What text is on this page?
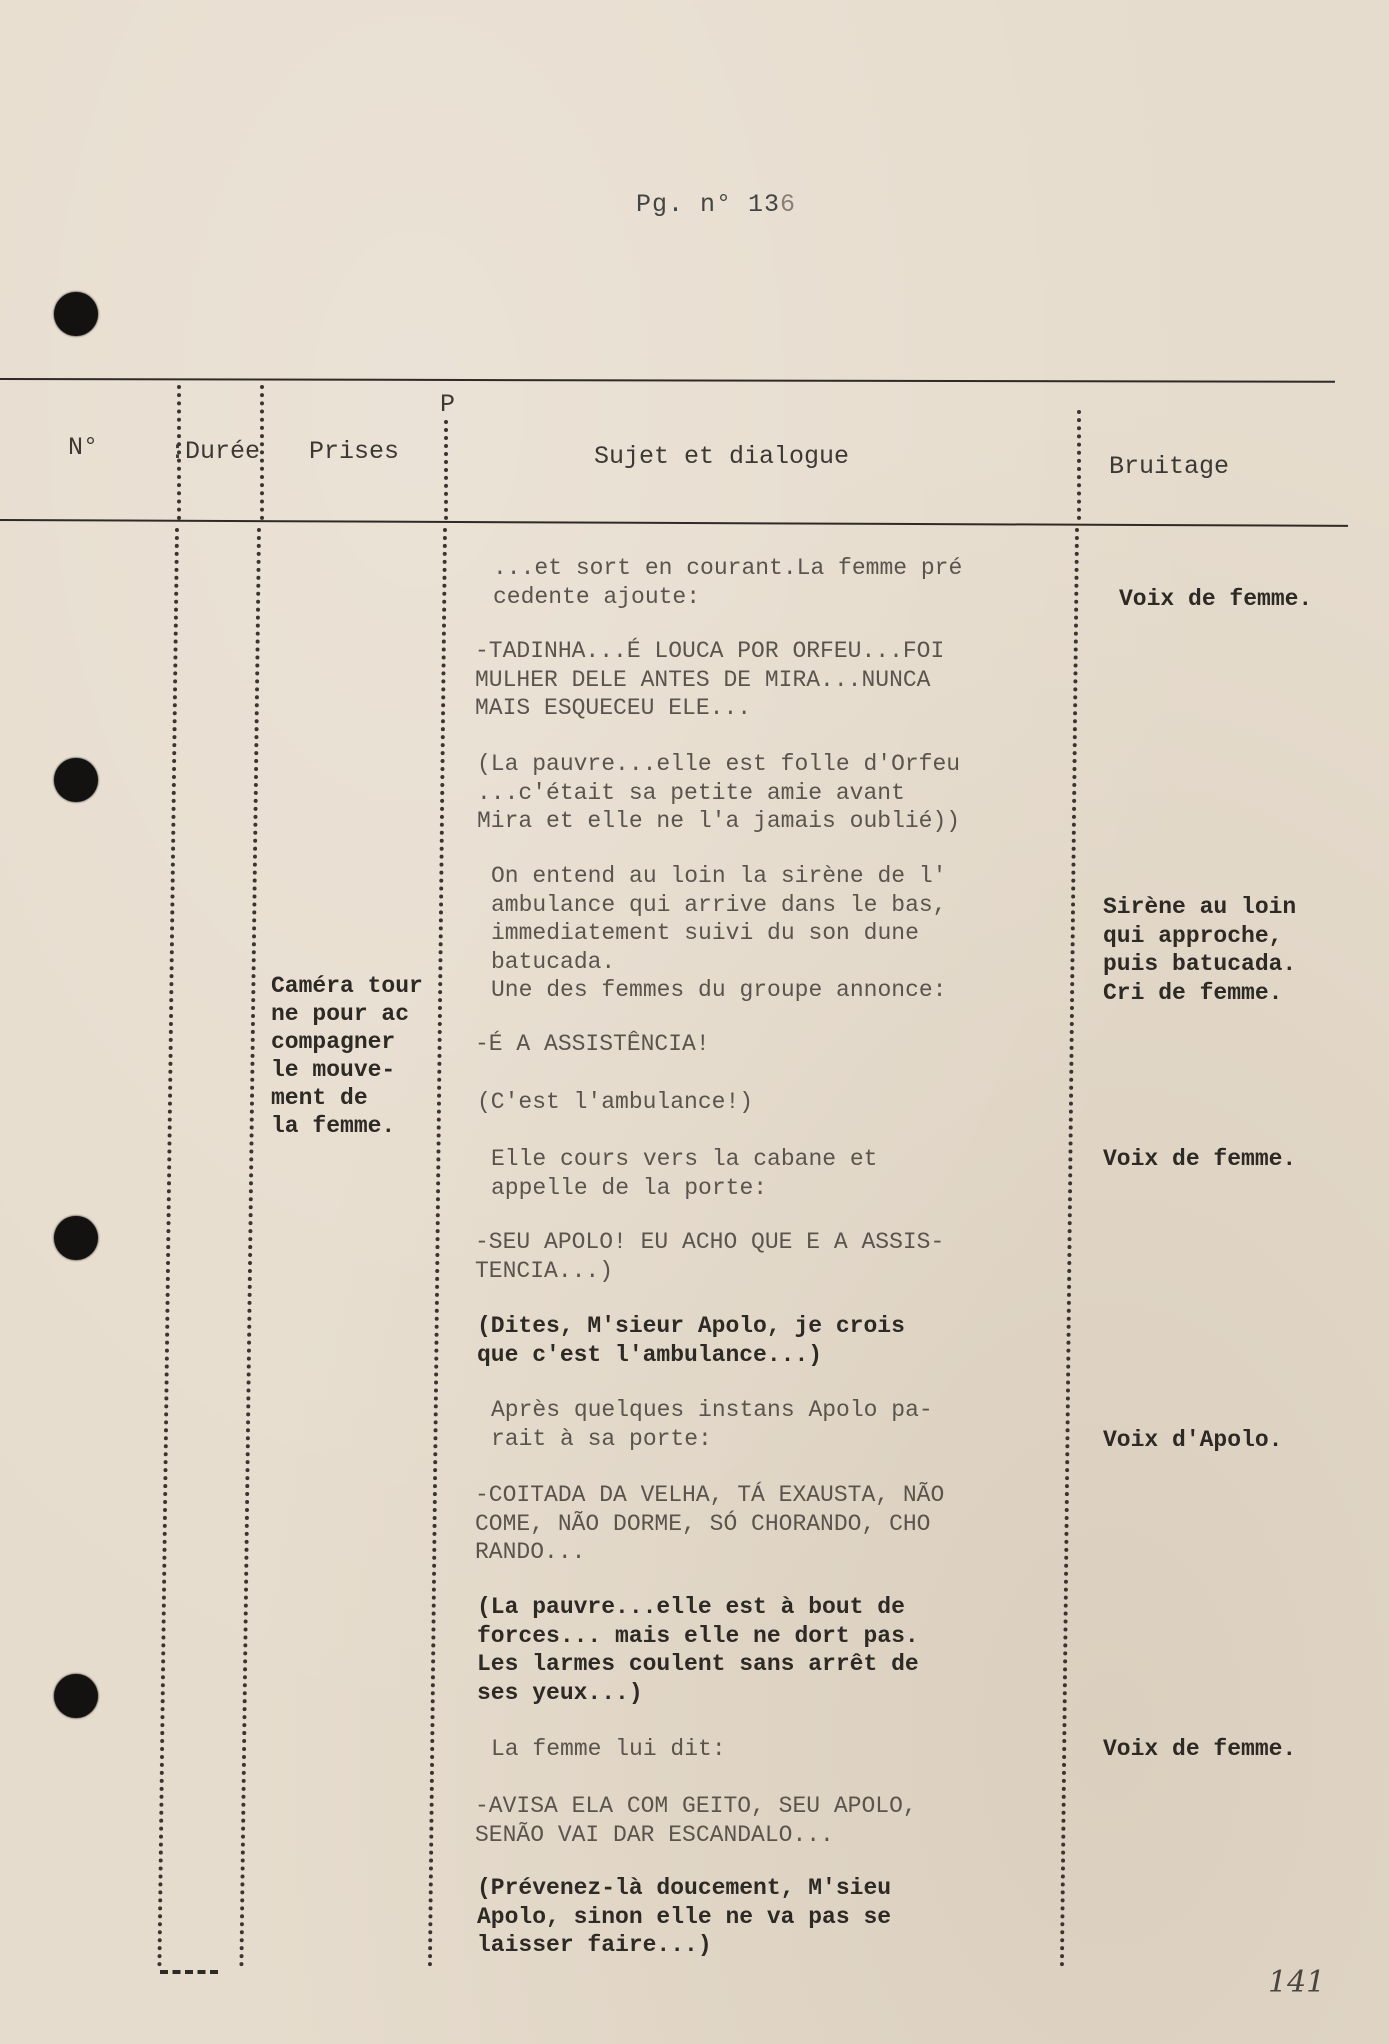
Pg. n° 136
N°	:Durée Prises
P
Sujet et dialogue	Bruitage
Caméra tour
ne pour ac
compagner
le mouve-
ment de
la femme.
...et sort en courant.La femme pré
cedente ajoute:
-TADINHA...É LOUCA POR ORFEU...FOI
MULHER DELE ANTES DE MIRA...NUNCA
MAIS ESQUECEU ELE...
(La pauvre...elle est folle d'Orfeu
...c'était sa petite amie avant
Mira et elle ne l'a jamais oublié))
On entend au loin la sirène de l'
ambulance qui arrive dans le bas,
immediatement suivi du son dune
batucada.
Une des femmes du groupe annonce:
-É A ASSISTÊNCIA!
(C'est l'ambulance!)
Elle cours vers la cabane et
appelle de la porte:
-SEU APOLO! EU ACHO QUE E A ASSIS-
TENCIA...)
(Dites, M'sieur Apolo, je crois
que c'est l'ambulance...)
Après quelques instans Apolo pa-
rait à sa porte:
-COITADA DA VELHA, TÁ EXAUSTA, NÃO
COME, NÃO DORME, SÓ CHORANDO, CHO
RANDO...
(La pauvre...elle est à bout de
forces... mais elle ne dort pas.
Les larmes coulent sans arrêt de
ses yeux...)
La femme lui dit:
-AVISA ELA COM GEITO, SEU APOLO,
SENÃO VAI DAR ESCANDALO...
(Prévenez-là doucement, M'sieu
Apolo, sinon elle ne va pas se
laisser faire...)
Voix de femme.
Sirène au loin
qui approche,
puis batucada.
Cri de femme.
Voix de femme.
Voix d'Apolo.
Voix de femme.
141
